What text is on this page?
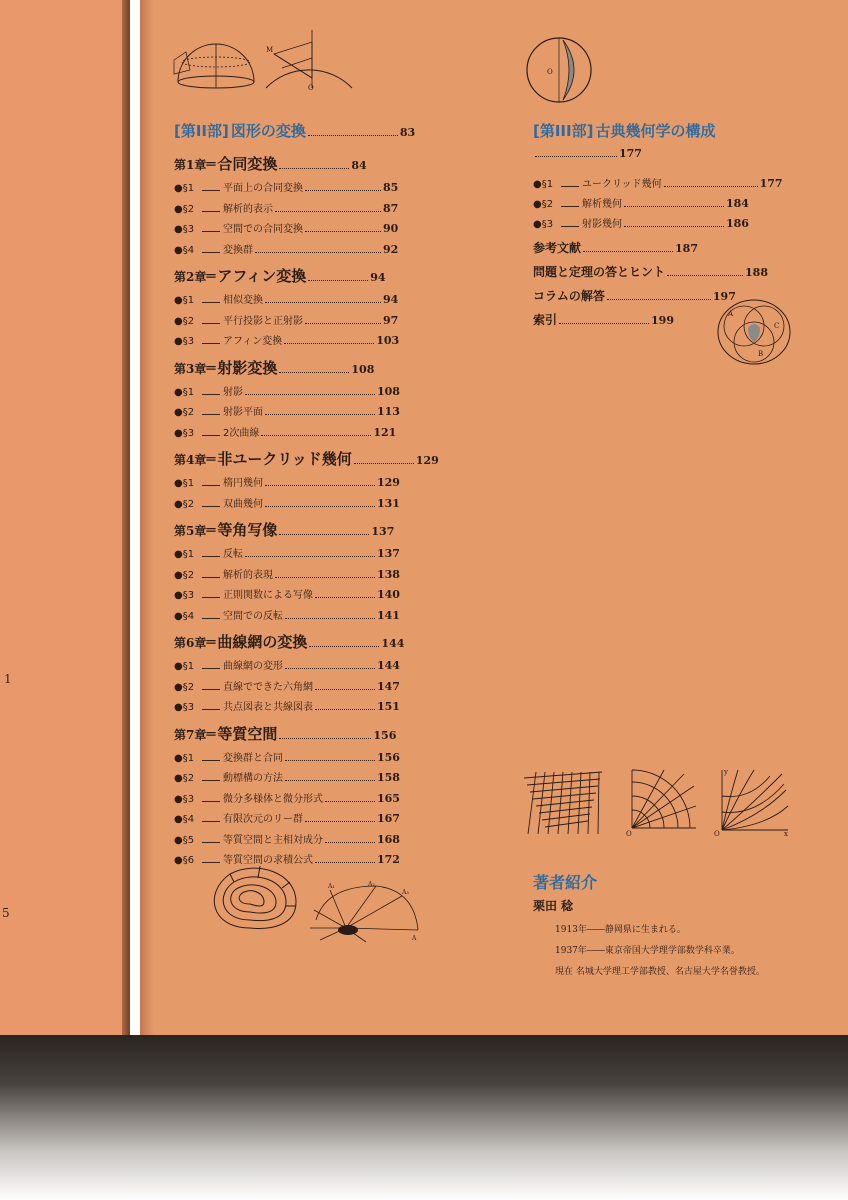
1
5
M
O
O
[第II部] 図形の変換	83
第1章 ═ 合同変換	84
●§1	平面上の合同変換	85
●§2	解析的表示	87
●§3	空間での合同変換	90
●§4	変換群	92
第2章 ═ アフィン変換	94
●§1	相似変換	94
●§2	平行投影と正射影	97
●§3	アフィン変換	103
第3章 ═ 射影変換	108
●§1	射影	108
●§2	射影平面	113
●§3	2次曲線	121
第4章 ═ 非ユークリッド幾何	129
●§1	楕円幾何	129
●§2	双曲幾何	131
第5章 ═ 等角写像	137
●§1	反転	137
●§2	解析的表現	138
●§3	正則関数による写像	140
●§4	空間での反転	141
第6章 ═ 曲線網の変換	144
●§1	曲線網の変形	144
●§2	直線でできた六角網	147
●§3	共点図表と共線図表	151
第7章 ═ 等質空間	156
●§1	変換群と合同	156
●§2	動標構の方法	158
●§3	微分多様体と微分形式	165
●§4	有限次元のリー群	167
●§5	等質空間と主相対成分	168
●§6	等質空間の求積公式	172
[第III部] 古典幾何学の構成
177
●§1	ユークリッド幾何	177
●§2	解析幾何	184
●§3	射影幾何	186
参考文献	187
問題と定理の答とヒント	188
コラムの解答	197
索引	199	A
B
C
O	O
y
x
A₁	A₂
A₃
A
著者紹介
栗田 稔
1913年――静岡県に生まれる。
1937年――東京帝国大学理学部数学科卒業。
現在 名城大学理工学部教授、名古屋大学名誉教授。
